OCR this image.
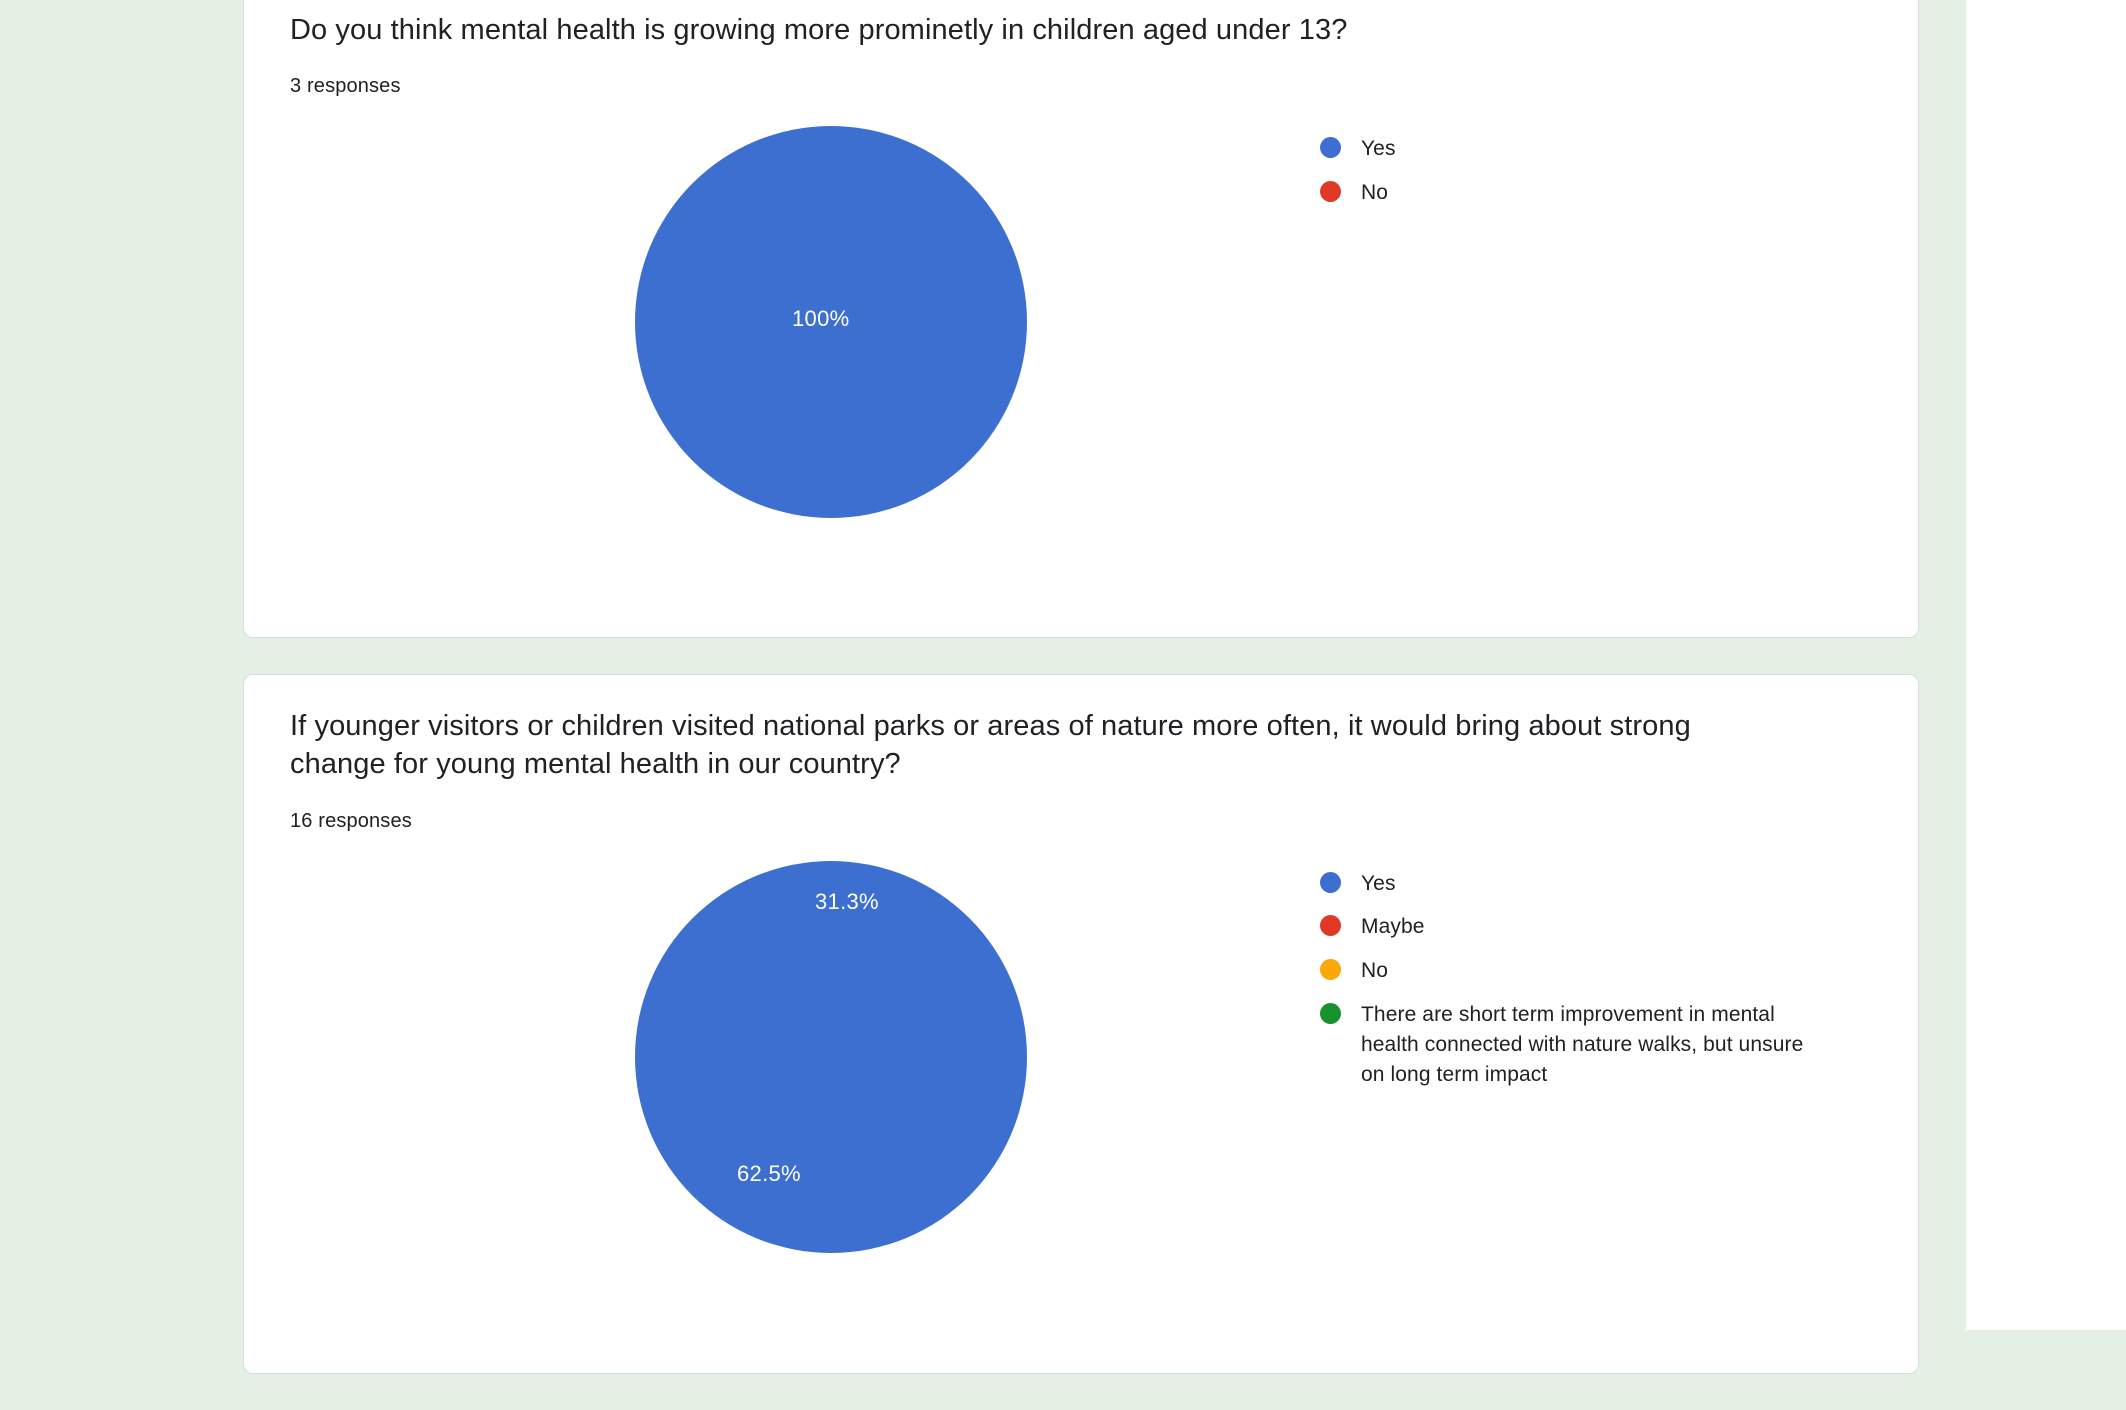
Do you think mental health is growing more prominetly in children aged under 13?
3 responses
100%
Yes
No
If younger visitors or children visited national parks or areas of nature more often, it would bring about strong change for young mental health in our country?
16 responses
31.3%
62.5%
Yes
Maybe
No
There are short term improvement in mental health connected with nature walks, but unsure on long term impact
